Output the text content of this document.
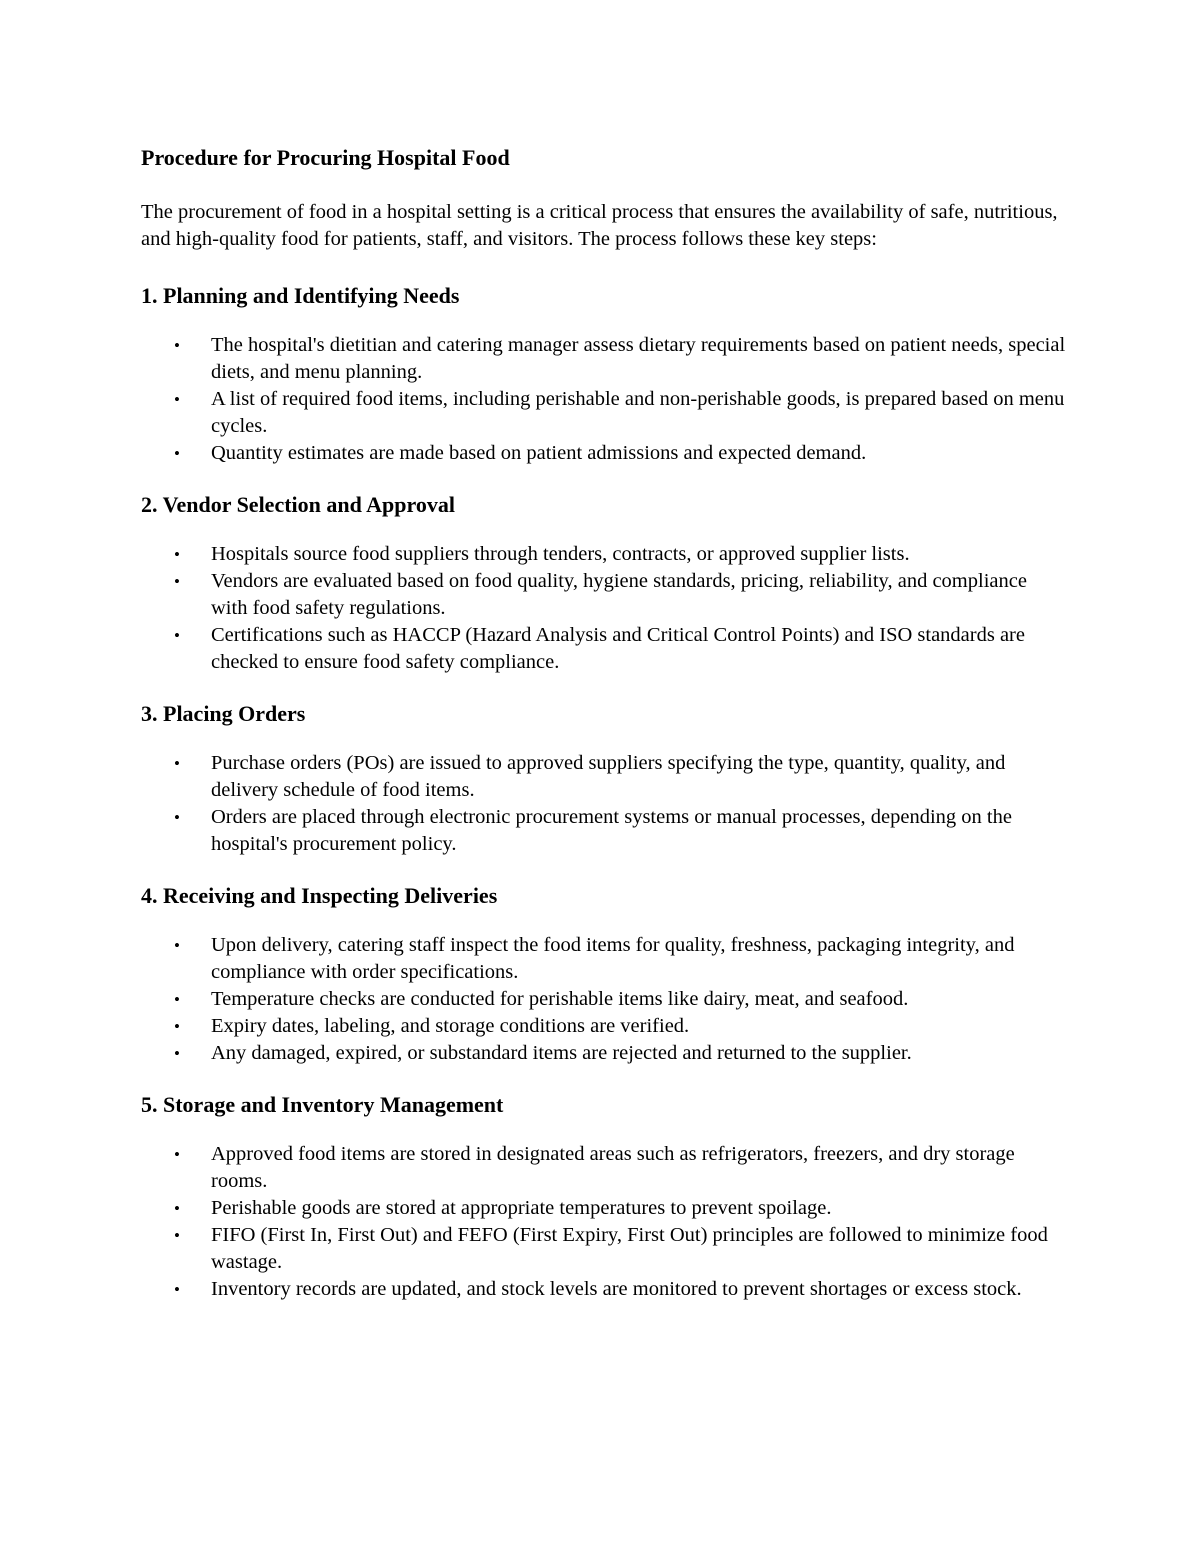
Procedure for Procuring Hospital Food

The procurement of food in a hospital setting is a critical process that ensures the availability of safe, nutritious, and high-quality food for patients, staff, and visitors. The process follows these key steps:

1. Planning and Identifying Needs
• The hospital's dietitian and catering manager assess dietary requirements based on patient needs, special diets, and menu planning.
• A list of required food items, including perishable and non-perishable goods, is prepared based on menu cycles.
• Quantity estimates are made based on patient admissions and expected demand.
2. Vendor Selection and Approval
• Hospitals source food suppliers through tenders, contracts, or approved supplier lists.
• Vendors are evaluated based on food quality, hygiene standards, pricing, reliability, and compliance with food safety regulations.
• Certifications such as HACCP (Hazard Analysis and Critical Control Points) and ISO standards are checked to ensure food safety compliance.
3. Placing Orders
• Purchase orders (POs) are issued to approved suppliers specifying the type, quantity, quality, and delivery schedule of food items.
• Orders are placed through electronic procurement systems or manual processes, depending on the hospital's procurement policy.
4. Receiving and Inspecting Deliveries
• Upon delivery, catering staff inspect the food items for quality, freshness, packaging integrity, and compliance with order specifications.
• Temperature checks are conducted for perishable items like dairy, meat, and seafood.
• Expiry dates, labeling, and storage conditions are verified.
• Any damaged, expired, or substandard items are rejected and returned to the supplier.
5. Storage and Inventory Management
• Approved food items are stored in designated areas such as refrigerators, freezers, and dry storage rooms.
• Perishable goods are stored at appropriate temperatures to prevent spoilage.
• FIFO (First In, First Out) and FEFO (First Expiry, First Out) principles are followed to minimize food wastage.
• Inventory records are updated, and stock levels are monitored to prevent shortages or excess stock.
